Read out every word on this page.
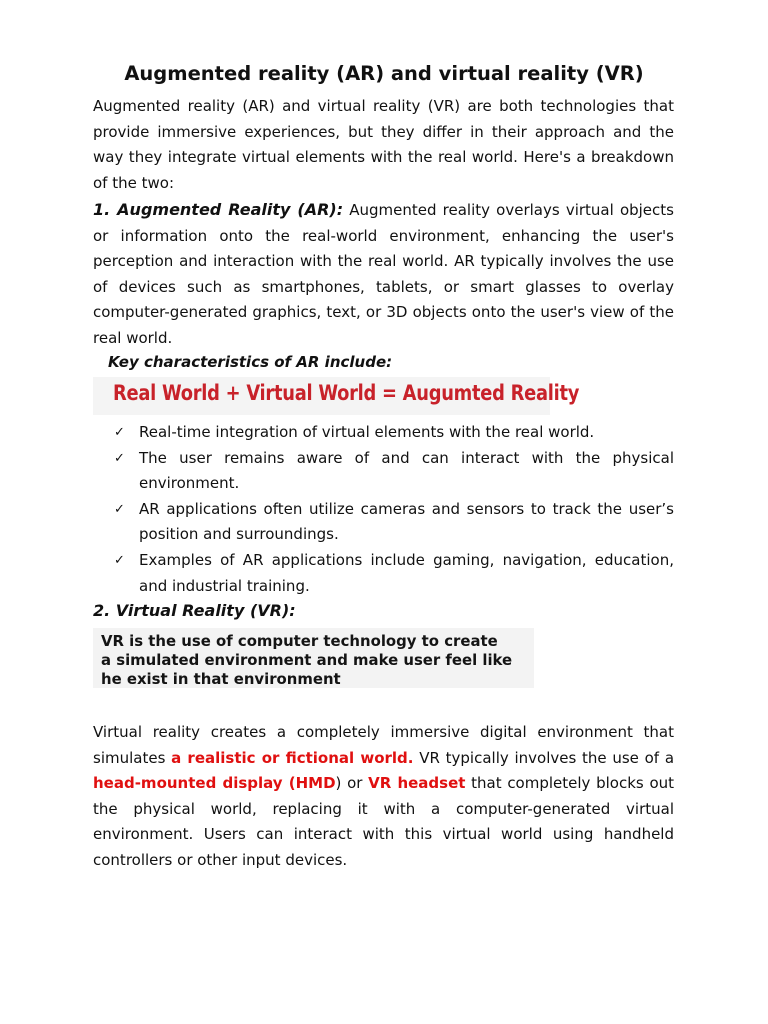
Augmented reality (AR) and virtual reality (VR)

Augmented reality (AR) and virtual reality (VR) are both technologies that provide immersive experiences, but they differ in their approach and the way they integrate virtual elements with the real world. Here's a breakdown of the two:

1. Augmented Reality (AR): Augmented reality overlays virtual objects or information onto the real-world environment, enhancing the user's perception and interaction with the real world. AR typically involves the use of devices such as smartphones, tablets, or smart glasses to overlay computer-generated graphics, text, or 3D objects onto the user's view of the real world.

Key characteristics of AR include:
Real World + Virtual World = Augumted Reality
✓ Real-time integration of virtual elements with the real world.
✓ The user remains aware of and can interact with the physical environment.
✓ AR applications often utilize cameras and sensors to track the user’s position and surroundings.
✓ Examples of AR applications include gaming, navigation, education, and industrial training.
2. Virtual Reality (VR):
VR is the use of computer technology to create
a simulated environment and make user feel like
he exist in that environment

Virtual reality creates a completely immersive digital environment that simulates a realistic or fictional world. VR typically involves the use of a head-mounted display (HMD) or VR headset that completely blocks out the physical world, replacing it with a computer-generated virtual environment. Users can interact with this virtual world using handheld controllers or other input devices.
